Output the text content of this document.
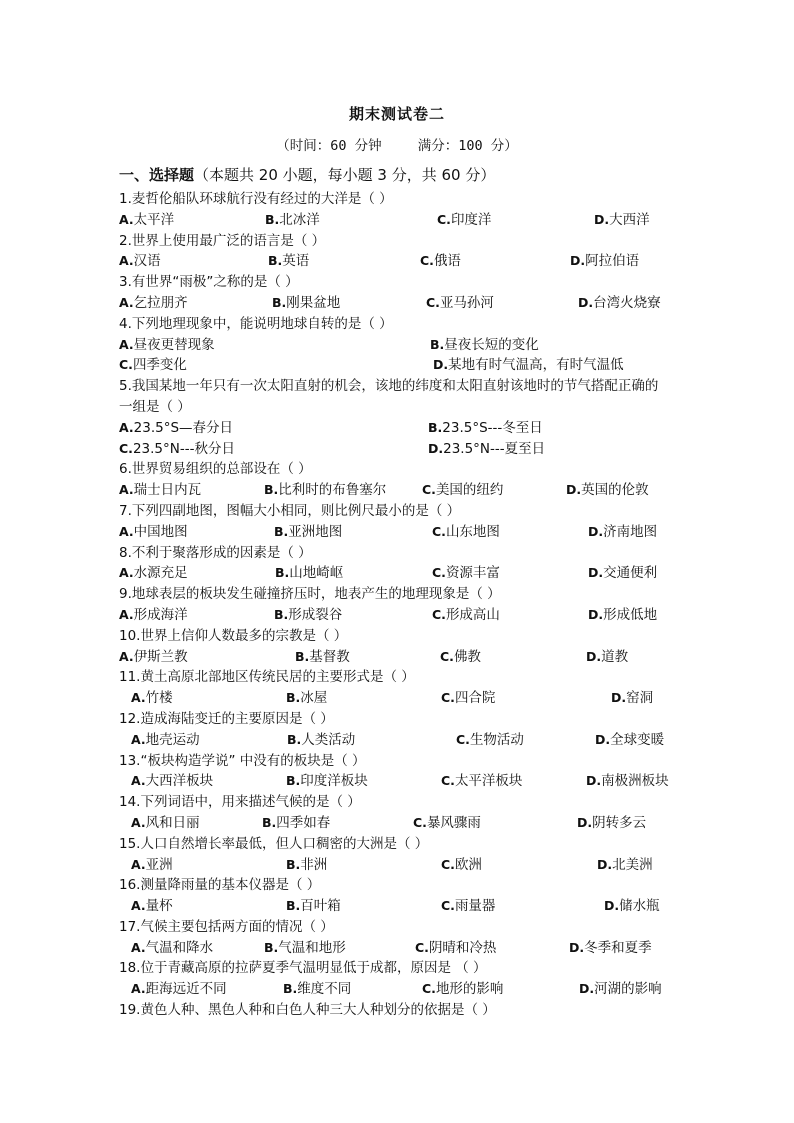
期末测试卷二
（时间：60 分钟	满分：100 分）
一、选择题（本题共 20 小题，每小题 3 分，共 60 分）
1.麦哲伦船队环球航行没有经过的大洋是（ ）
A.太平洋	B.北冰洋	C.印度洋	D.大西洋
2.世界上使用最广泛的语言是（ ）
A.汉语	B.英语	C.俄语	D.阿拉伯语
3.有世界“雨极”之称的是（ ）
A.乞拉朋齐	B.刚果盆地	C.亚马孙河	D.台湾火烧寮
4.下列地理现象中，能说明地球自转的是（ ）
A.昼夜更替现象	B.昼夜长短的变化
C.四季变化	D.某地有时气温高，有时气温低
5.我国某地一年只有一次太阳直射的机会，该地的纬度和太阳直射该地时的节气搭配正确的
一组是（ ）
A.23.5°S—春分日	B.23.5°S---冬至日
C.23.5°N---秋分日	D.23.5°N---夏至日
6.世界贸易组织的总部设在（ ）
A.瑞士日内瓦	B.比利时的布鲁塞尔	C.美国的纽约	D.英国的伦敦
7.下列四副地图，图幅大小相同，则比例尺最小的是（ ）
A.中国地图	B.亚洲地图	C.山东地图	D.济南地图
8.不利于聚落形成的因素是（ ）
A.水源充足	B.山地崎岖	C.资源丰富	D.交通便利
9.地球表层的板块发生碰撞挤压时，地表产生的地理现象是（ ）
A.形成海洋	B.形成裂谷	C.形成高山	D.形成低地
10.世界上信仰人数最多的宗教是（ ）
A.伊斯兰教	B.基督教	C.佛教	D.道教
11.黄土高原北部地区传统民居的主要形式是（ ）
A.竹楼	B.冰屋	C.四合院	D.窑洞
12.造成海陆变迁的主要原因是（ ）
A.地壳运动	B.人类活动	C.生物活动	D.全球变暖
13.“板块构造学说” 中没有的板块是（ ）
A.大西洋板块	B.印度洋板块	C.太平洋板块	D.南极洲板块
14.下列词语中，用来描述气候的是（ ）
A.风和日丽	B.四季如春	C.暴风骤雨	D.阴转多云
15.人口自然增长率最低，但人口稠密的大洲是（ ）
A.亚洲	B.非洲	C.欧洲	D.北美洲
16.测量降雨量的基本仪器是（ ）
A.量杯	B.百叶箱	C.雨量器	D.储水瓶
17.气候主要包括两方面的情况（ ）
A.气温和降水	B.气温和地形	C.阴晴和冷热	D.冬季和夏季
18.位于青藏高原的拉萨夏季气温明显低于成都，原因是 （ ）
A.距海远近不同	B.维度不同	C.地形的影响	D.河湖的影响
19.黄色人种、黑色人种和白色人种三大人种划分的依据是（ ）
